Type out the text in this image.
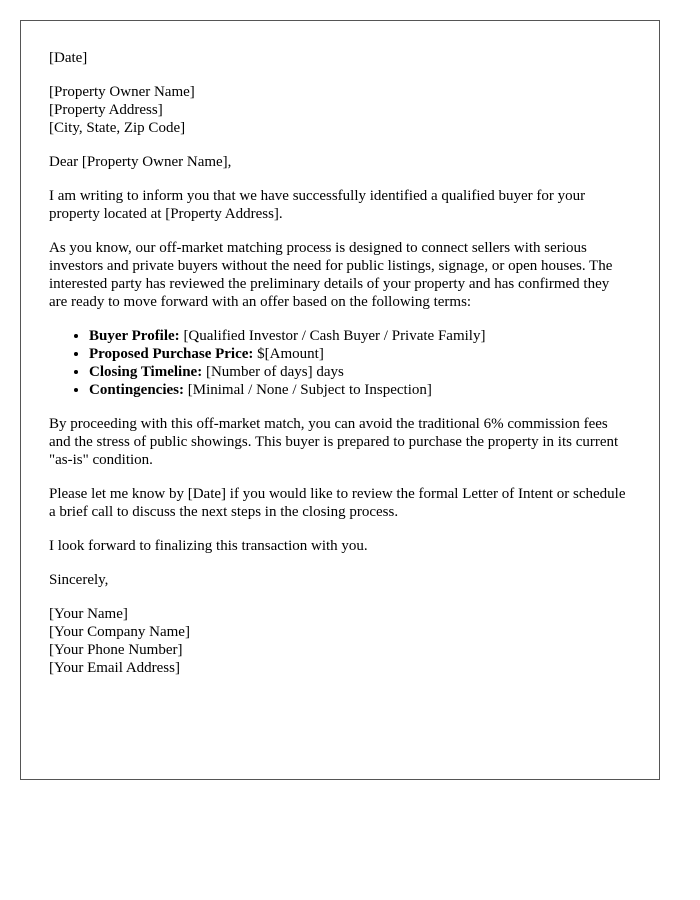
[Date]

[Property Owner Name]
[Property Address]
[City, State, Zip Code]

Dear [Property Owner Name],

I am writing to inform you that we have successfully identified a qualified buyer for your property located at [Property Address].

As you know, our off-market matching process is designed to connect sellers with serious investors and private buyers without the need for public listings, signage, or open houses. The interested party has reviewed the preliminary details of your property and has confirmed they are ready to move forward with an offer based on the following terms:

• Buyer Profile: [Qualified Investor / Cash Buyer / Private Family]
• Proposed Purchase Price: $[Amount]
• Closing Timeline: [Number of days] days
• Contingencies: [Minimal / None / Subject to Inspection]

By proceeding with this off-market match, you can avoid the traditional 6% commission fees and the stress of public showings. This buyer is prepared to purchase the property in its current "as-is" condition.

Please let me know by [Date] if you would like to review the formal Letter of Intent or schedule a brief call to discuss the next steps in the closing process.

I look forward to finalizing this transaction with you.

Sincerely,

[Your Name]
[Your Company Name]
[Your Phone Number]
[Your Email Address]
